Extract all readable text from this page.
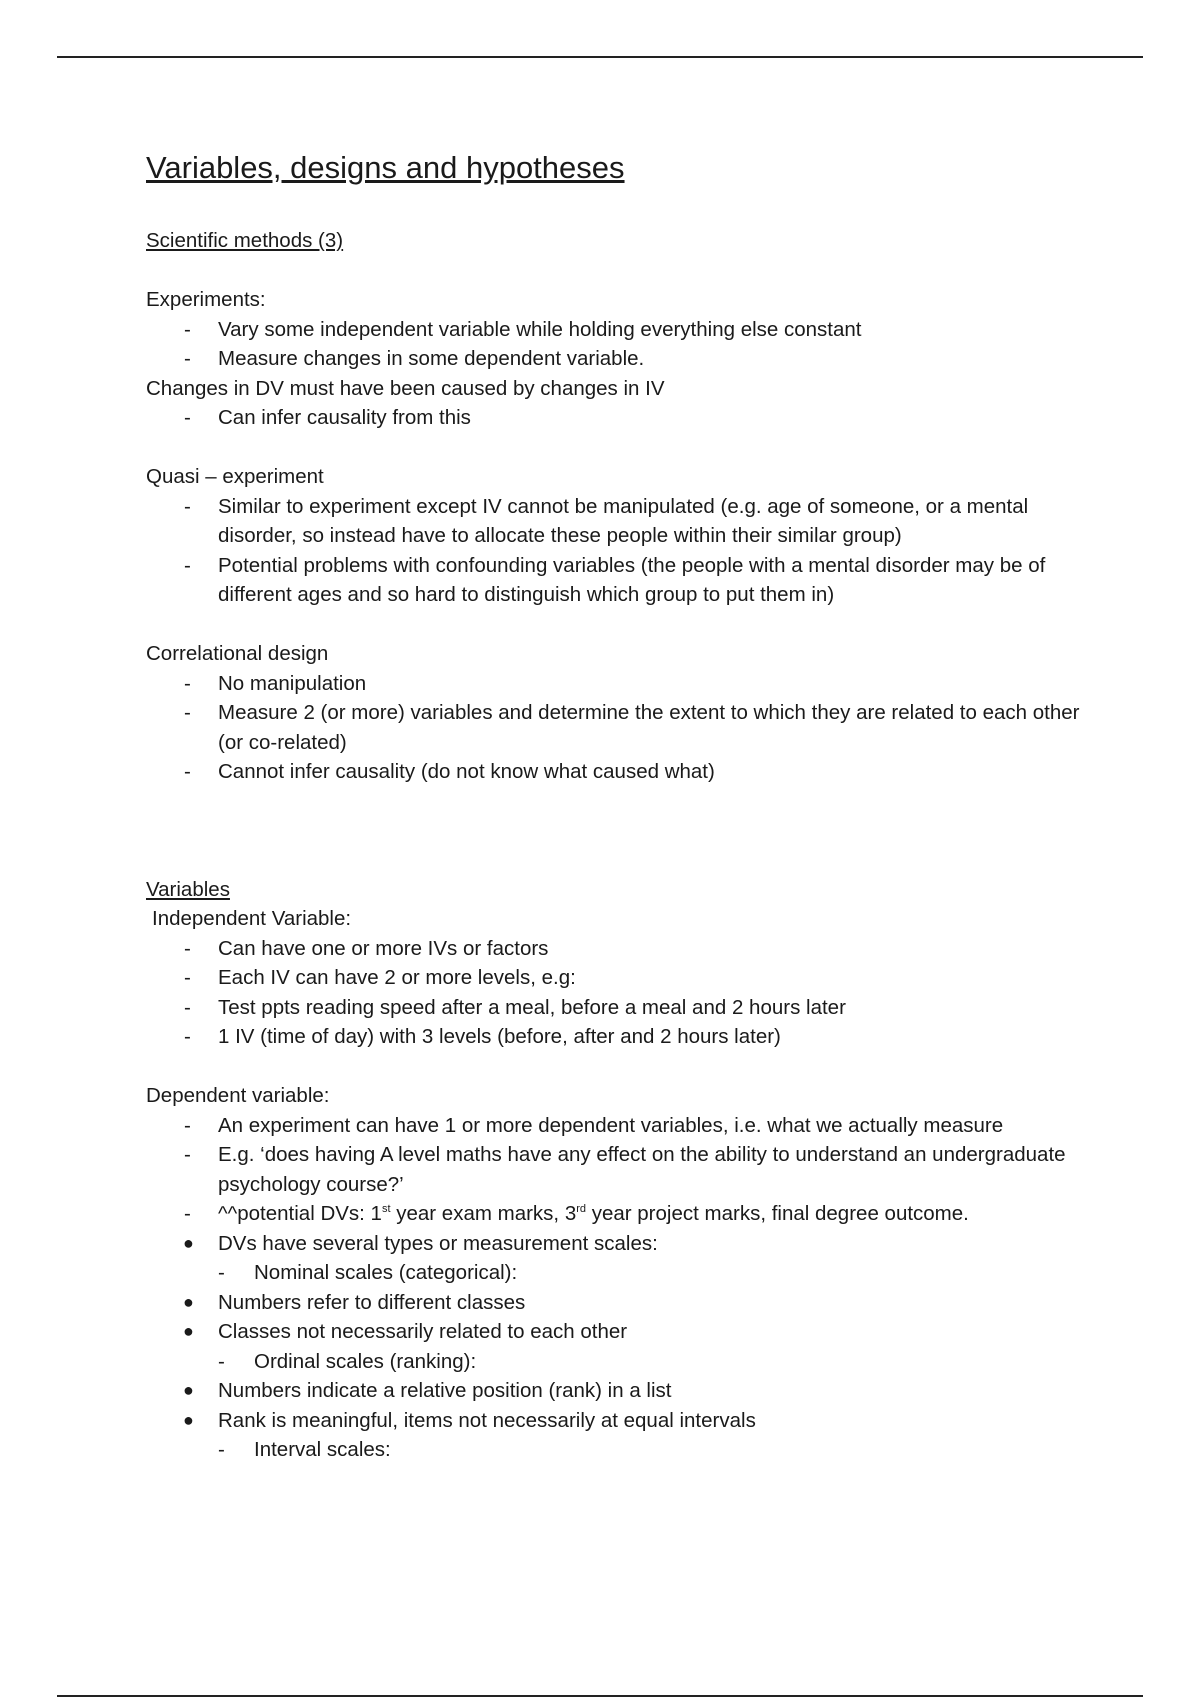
Variables, designs and hypotheses
Scientific methods (3)
Experiments:
- Vary some independent variable while holding everything else constant
- Measure changes in some dependent variable.
Changes in DV must have been caused by changes in IV
- Can infer causality from this
Quasi – experiment
- Similar to experiment except IV cannot be manipulated (e.g. age of someone, or a mental disorder, so instead have to allocate these people within their similar group)
- Potential problems with confounding variables (the people with a mental disorder may be of different ages and so hard to distinguish which group to put them in)
Correlational design
- No manipulation
- Measure 2 (or more) variables and determine the extent to which they are related to each other (or co-related)
- Cannot infer causality (do not know what caused what)
Variables
Independent Variable:
- Can have one or more IVs or factors
- Each IV can have 2 or more levels, e.g:
- Test ppts reading speed after a meal, before a meal and 2 hours later
- 1 IV (time of day) with 3 levels (before, after and 2 hours later)
Dependent variable:
- An experiment can have 1 or more dependent variables, i.e. what we actually measure
- E.g. ‘does having A level maths have any effect on the ability to understand an undergraduate psychology course?’
- ^^potential DVs: 1st year exam marks, 3rd year project marks, final degree outcome.
● DVs have several types or measurement scales:
- Nominal scales (categorical):
● Numbers refer to different classes
● Classes not necessarily related to each other
- Ordinal scales (ranking):
● Numbers indicate a relative position (rank) in a list
● Rank is meaningful, items not necessarily at equal intervals
- Interval scales:
